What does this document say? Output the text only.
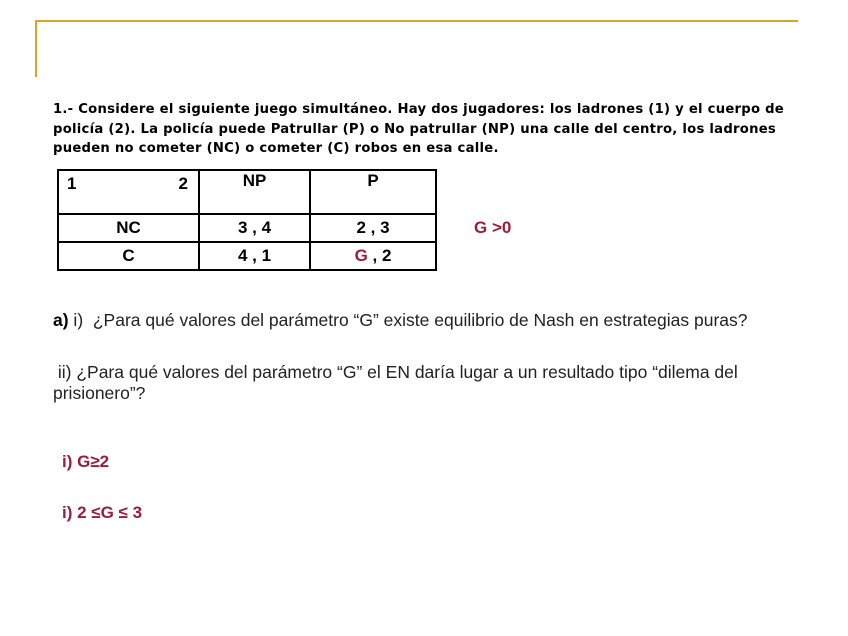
1.- Considere el siguiente juego simultáneo. Hay dos jugadores: los ladrones (1) y el cuerpo de policía (2). La policía puede Patrullar (P) o No patrullar (NP) una calle del centro, los ladrones pueden no cometer (NC) o cometer (C) robos en esa calle.
1 2	NP	P
NC	3 , 4	2 , 3
C	4 , 1	G , 2
G >0
a) i)  ¿Para qué valores del parámetro “G” existe equilibrio de Nash en estrategias puras?
ii) ¿Para qué valores del parámetro “G” el EN daría lugar a un resultado tipo “dilema del prisionero”?
i) G≥2
i) 2 ≤G ≤ 3
